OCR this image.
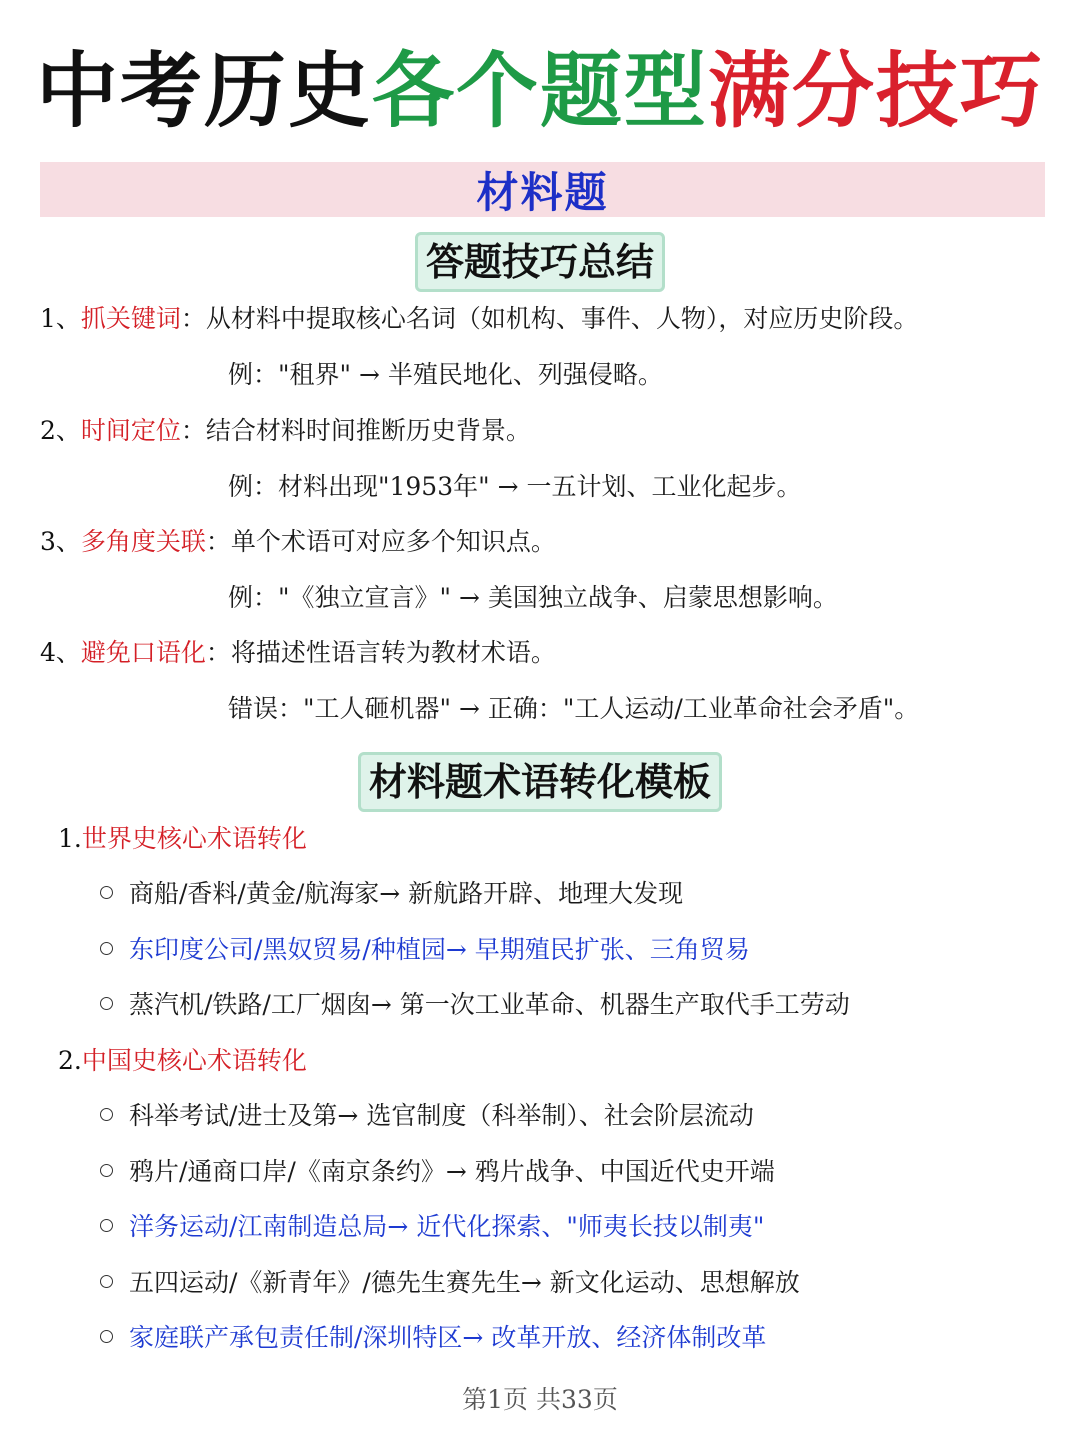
中考历史各个题型满分技巧
材料题
答题技巧总结
1、抓关键词：从材料中提取核心名词（如机构、事件、人物），对应历史阶段。
例："租界" → 半殖民地化、列强侵略。
2、时间定位：结合材料时间推断历史背景。
例：材料出现"1953年" → 一五计划、工业化起步。
3、多角度关联：单个术语可对应多个知识点。
例："《独立宣言》" → 美国独立战争、启蒙思想影响。
4、避免口语化：将描述性语言转为教材术语。
错误："工人砸机器" → 正确："工人运动/工业革命社会矛盾"。
材料题术语转化模板
1.世界史核心术语转化
商船/香料/黄金/航海家→ 新航路开辟、地理大发现
东印度公司/黑奴贸易/种植园→ 早期殖民扩张、三角贸易
蒸汽机/铁路/工厂烟囱→ 第一次工业革命、机器生产取代手工劳动
2.中国史核心术语转化
科举考试/进士及第→ 选官制度（科举制）、社会阶层流动
鸦片/通商口岸/《南京条约》→ 鸦片战争、中国近代史开端
洋务运动/江南制造总局→ 近代化探索、"师夷长技以制夷"
五四运动/《新青年》/德先生赛先生→ 新文化运动、思想解放
家庭联产承包责任制/深圳特区→ 改革开放、经济体制改革
第1页 共33页
